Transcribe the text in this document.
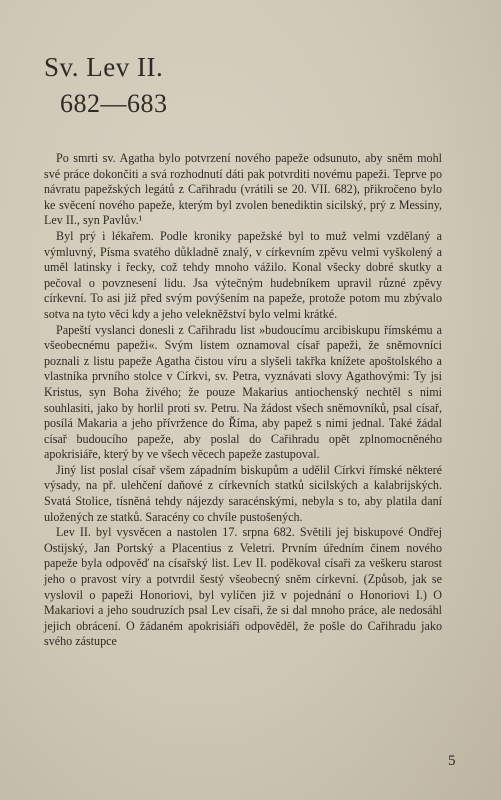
Sv. Lev II.
682—683

Po smrti sv. Agatha bylo potvrzení nového papeže odsunuto, aby sněm mohl své práce dokončiti a svá rozhodnutí dáti pak potvrditi novému papeži. Teprve po návratu papežských legátů z Cařihradu (vrátili se 20. VII. 682), přikročeno bylo ke svěcení nového papeže, kterým byl zvolen benediktin sicilský, prý z Messiny, Lev II., syn Pavlův.¹

Byl prý i lékařem. Podle kroniky papežské byl to muž velmi vzdělaný a výmluvný, Písma svatého důkladně znalý, v církevním zpěvu velmi vyškolený a uměl latinsky i řecky, což tehdy mnoho vážilo. Konal všecky dobré skutky a pečoval o povznesení lidu. Jsa výtečným hudebníkem upravil různé zpěvy církevní. To asi již před svým povýšením na papeže, protože potom mu zbývalo sotva na tyto věci kdy a jeho velekněžství bylo velmi krátké.

Papeští vyslanci donesli z Cařihradu list »budoucímu arcibiskupu římskému a všeobecnému papeži«. Svým listem oznamoval císař papeži, že sněmovníci poznali z listu papeže Agatha čistou víru a slyšeli takřka knížete apoštolského a vlastníka prvního stolce v Církvi, sv. Petra, vyznávati slovy Agathovými: Ty jsi Kristus, syn Boha živého; že pouze Makarius antiochenský nechtěl s nimi souhlasiti, jako by horlil proti sv. Petru. Na žádost všech sněmovníků, psal císař, posílá Makaria a jeho přívržence do Říma, aby papež s nimi jednal. Také žádal císař budoucího papeže, aby poslal do Cařihradu opět zplnomocněného apokrisiáře, který by ve všech věcech papeže zastupoval.

Jiný list poslal císař všem západním biskupům a udělil Církvi římské některé výsady, na př. ulehčení daňové z církevních statků sicilských a kalabrijských. Svatá Stolice, tísněná tehdy nájezdy saracénskými, nebyla s to, aby platila daní uložených ze statků. Saracény co chvíle pustošených.

Lev II. byl vysvěcen a nastolen 17. srpna 682. Světili jej biskupové Ondřej Ostijský, Jan Portský a Placentius z Veletri. Prvním úředním činem nového papeže byla odpověď na císařský list. Lev II. poděkoval císaři za veškeru starost jeho o pravost víry a potvrdil šestý všeobecný sněm církevní. (Způsob, jak se vyslovil o papeži Honoriovi, byl vylíčen již v pojednání o Honoriovi I.) O Makariovi a jeho soudruzích psal Lev císaři, že si dal mnoho práce, ale nedosáhl jejich obrácení. O žádaném apokrisiáři odpověděl, že pošle do Cařihradu jako svého zástupce

5
